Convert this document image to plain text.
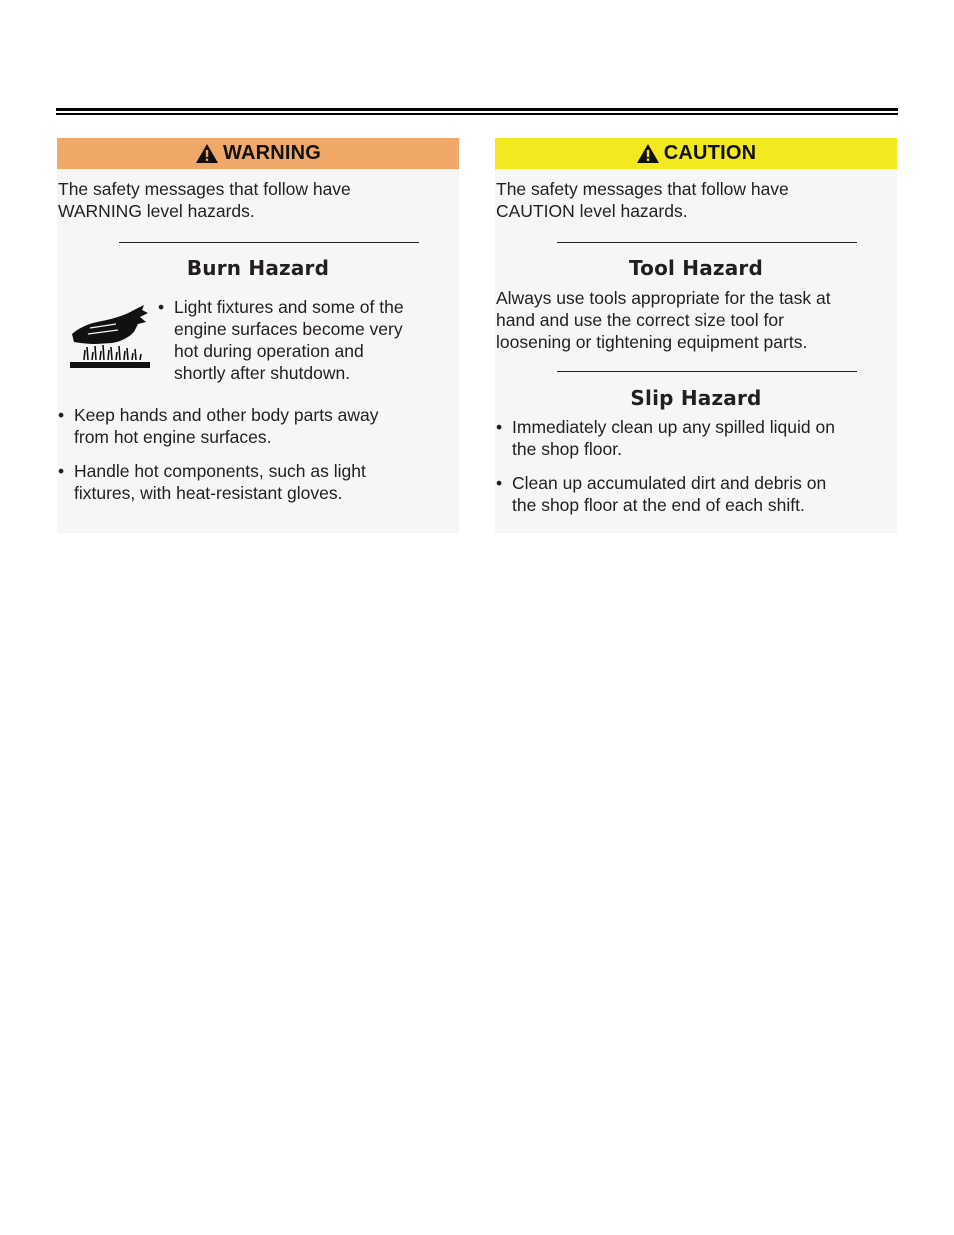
WARNING
The safety messages that follow have
WARNING level hazards.
Burn Hazard
• Light fixtures and some of the
engine surfaces become very
hot during operation and
shortly after shutdown.
• Keep hands and other body parts away
from hot engine surfaces.
• Handle hot components, such as light
fixtures, with heat-resistant gloves.
CAUTION
The safety messages that follow have
CAUTION level hazards.
Tool Hazard
Always use tools appropriate for the task at
hand and use the correct size tool for
loosening or tightening equipment parts.
Slip Hazard
• Immediately clean up any spilled liquid on
the shop floor.
• Clean up accumulated dirt and debris on
the shop floor at the end of each shift.
